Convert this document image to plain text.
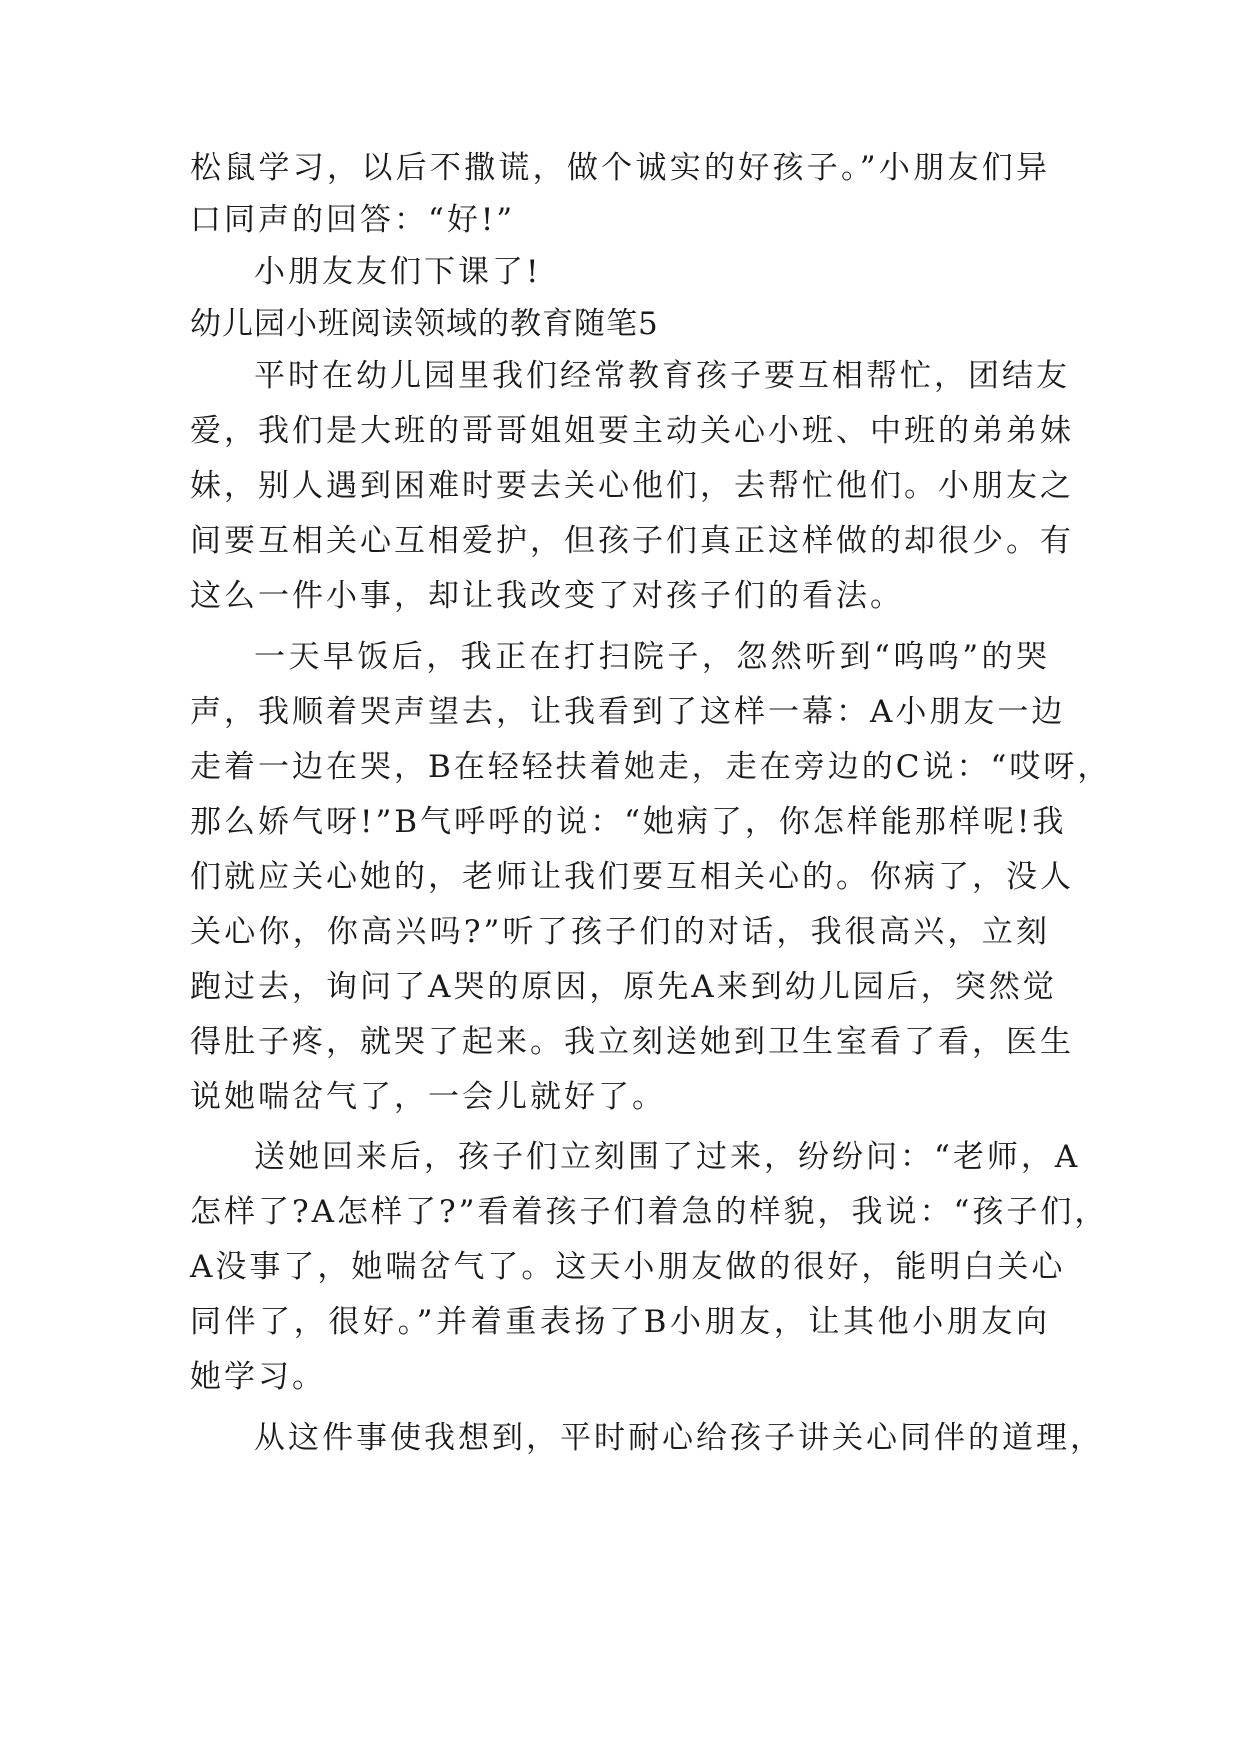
松鼠学习，以后不撒谎，做个诚实的好孩子。”小朋友们异
口同声的回答：“好!”
小朋友友们下课了!
幼儿园小班阅读领域的教育随笔5
平时在幼儿园里我们经常教育孩子要互相帮忙，团结友
爱，我们是大班的哥哥姐姐要主动关心小班、中班的弟弟妹
妹，别人遇到困难时要去关心他们，去帮忙他们。小朋友之
间要互相关心互相爱护，但孩子们真正这样做的却很少。有
这么一件小事，却让我改变了对孩子们的看法。
一天早饭后，我正在打扫院子，忽然听到“呜呜”的哭
声，我顺着哭声望去，让我看到了这样一幕：A小朋友一边
走着一边在哭，B在轻轻扶着她走，走在旁边的C说：“哎呀，
那么娇气呀!”B气呼呼的说：“她病了，你怎样能那样呢!我
们就应关心她的，老师让我们要互相关心的。你病了，没人
关心你，你高兴吗?”听了孩子们的对话，我很高兴，立刻
跑过去，询问了A哭的原因，原先A来到幼儿园后，突然觉
得肚子疼，就哭了起来。我立刻送她到卫生室看了看，医生
说她喘岔气了，一会儿就好了。
送她回来后，孩子们立刻围了过来，纷纷问：“老师，A
怎样了?A怎样了?”看着孩子们着急的样貌，我说：“孩子们，
A没事了，她喘岔气了。这天小朋友做的很好，能明白关心
同伴了，很好。”并着重表扬了B小朋友，让其他小朋友向
她学习。
从这件事使我想到，平时耐心给孩子讲关心同伴的道理，
